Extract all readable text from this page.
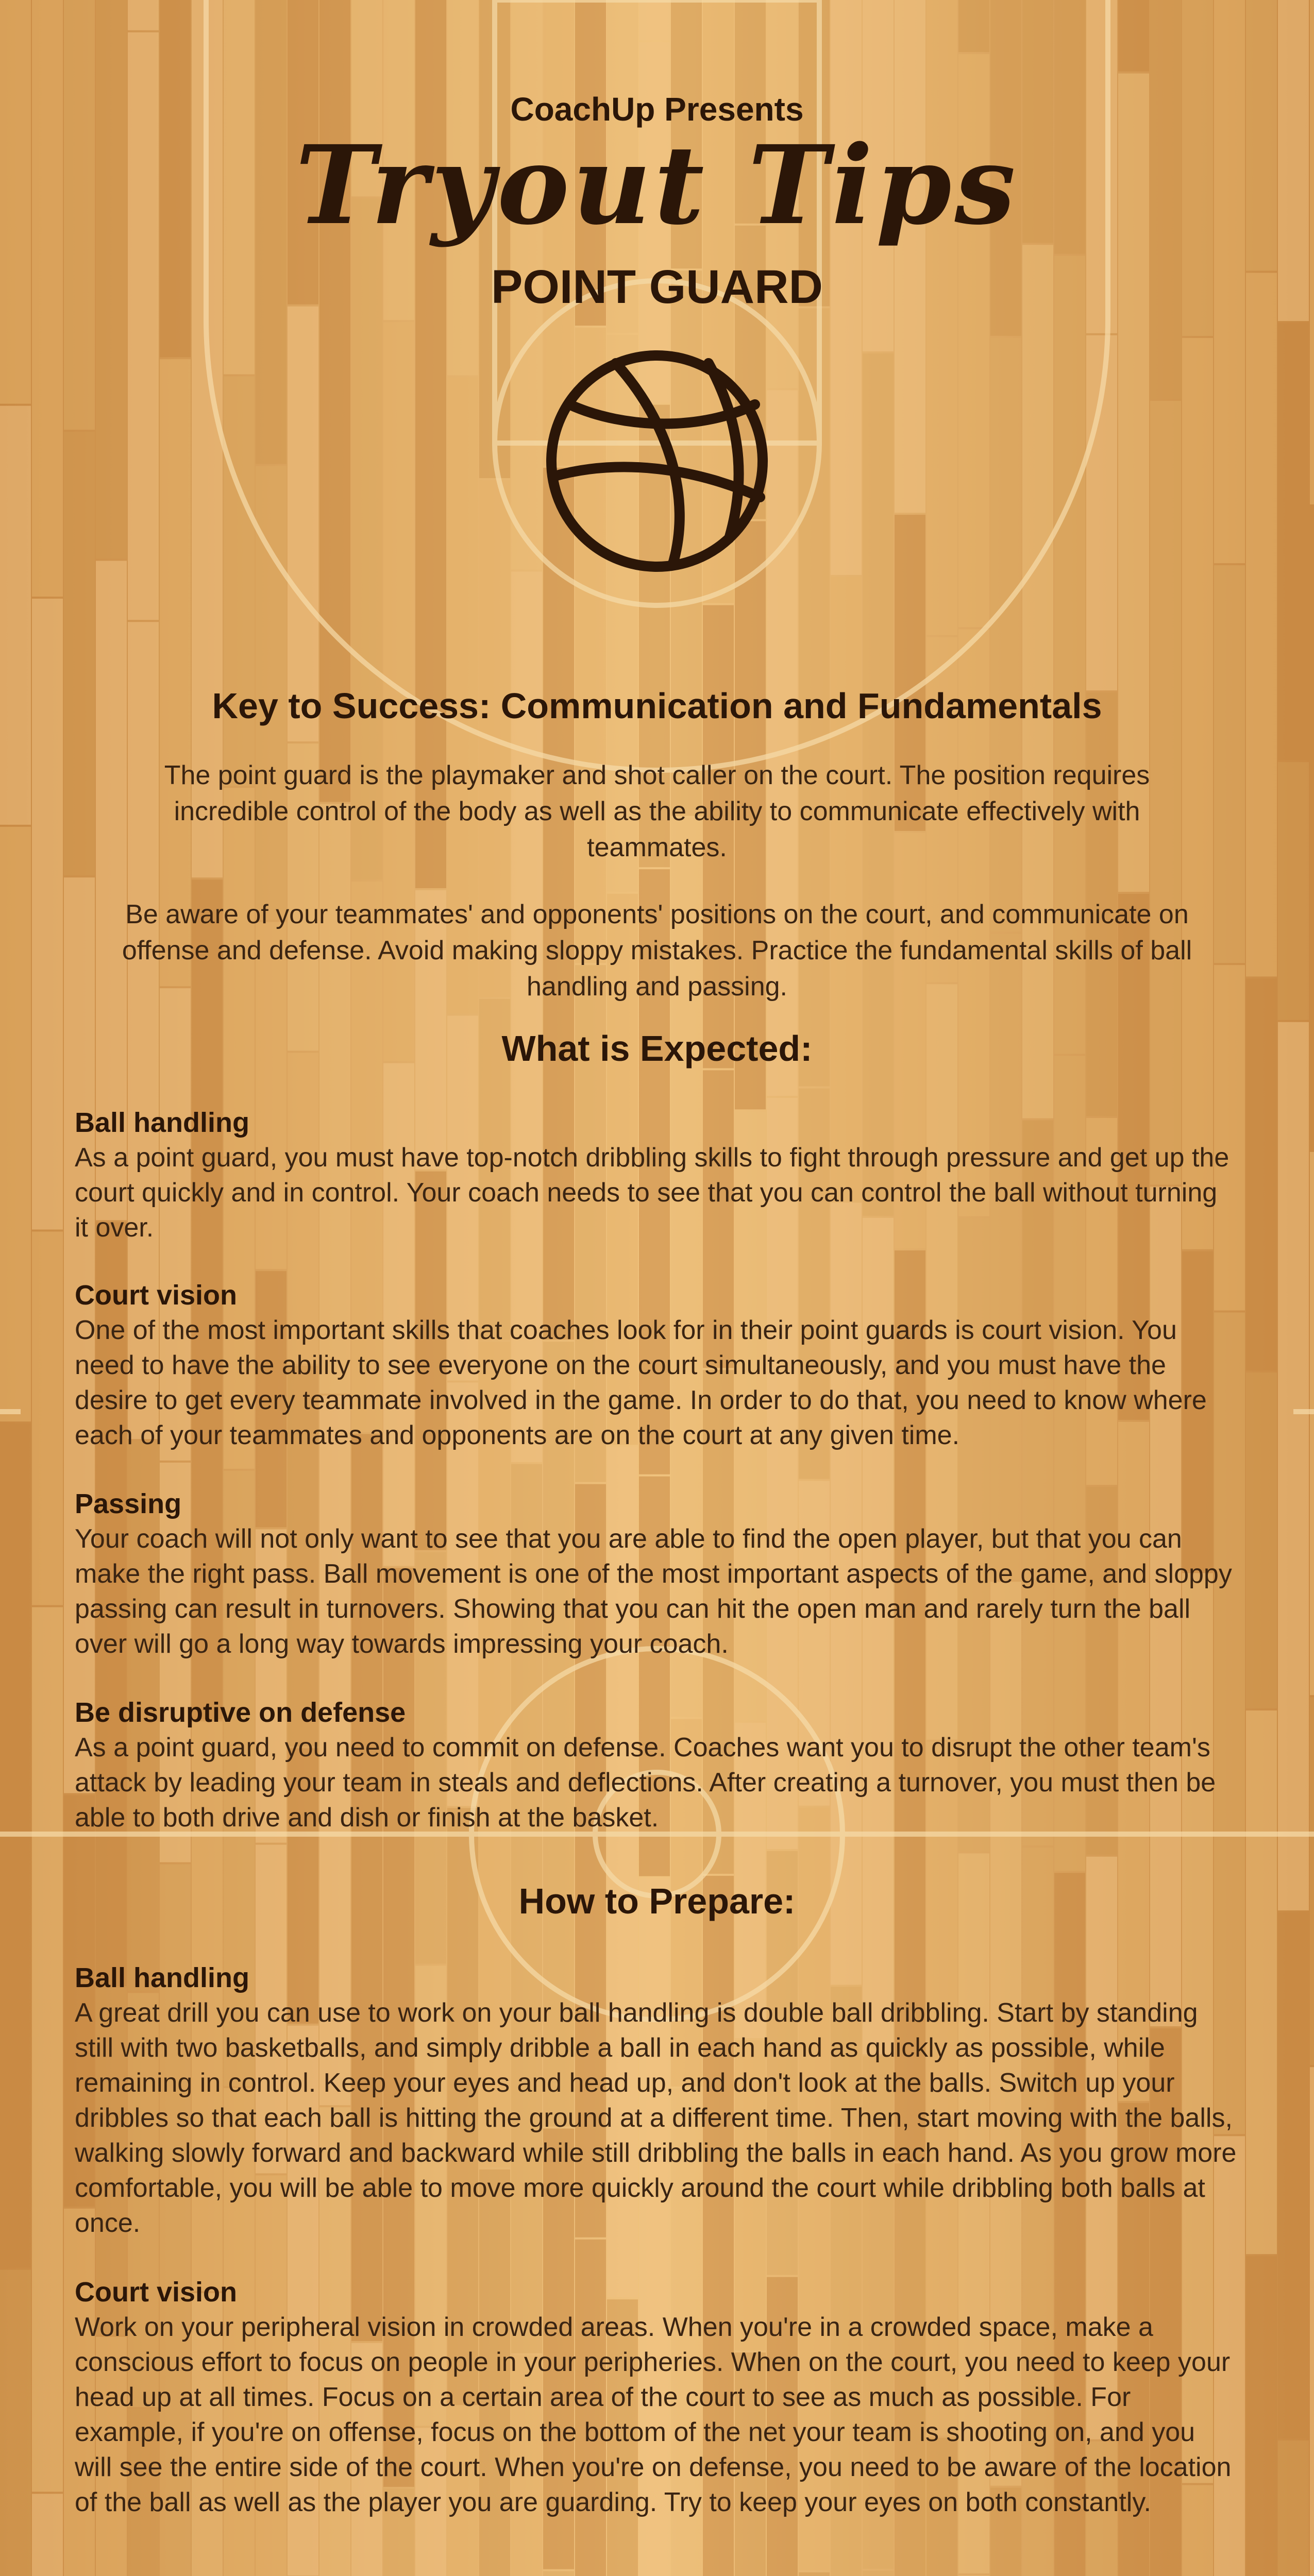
CoachUp Presents
Tryout Tips
POINT GUARD
Key to Success: Communication and Fundamentals
The point guard is the playmaker and shot caller on the court. The position requires
incredible control of the body as well as the ability to communicate effectively with
teammates.
Be aware of your teammates' and opponents' positions on the court, and communicate on
offense and defense. Avoid making sloppy mistakes. Practice the fundamental skills of ball
handling and passing.
What is Expected:
Ball handling

As a point guard, you must have top-notch dribbling skills to fight through pressure and get up the court quickly and in control. Your coach needs to see that you can control the ball without turning it over.

Court vision

One of the most important skills that coaches look for in their point guards is court vision. You need to have the ability to see everyone on the court simultaneously, and you must have the desire to get every teammate involved in the game. In order to do that, you need to know where each of your teammates and opponents are on the court at any given time.

Passing

Your coach will not only want to see that you are able to find the open player, but that you can make the right pass. Ball movement is one of the most important aspects of the game, and sloppy passing can result in turnovers. Showing that you can hit the open man and rarely turn the ball over will go a long way towards impressing your coach.

Be disruptive on defense

As a point guard, you need to commit on defense. Coaches want you to disrupt the other team's attack by leading your team in steals and deflections. After creating a turnover, you must then be able to both drive and dish or finish at the basket.

How to Prepare:
Ball handling

A great drill you can use to work on your ball handling is double ball dribbling. Start by standing still with two basketballs, and simply dribble a ball in each hand as quickly as possible, while remaining in control. Keep your eyes and head up, and don't look at the balls. Switch up your dribbles so that each ball is hitting the ground at a different time. Then, start moving with the balls, walking slowly forward and backward while still dribbling the balls in each hand. As you grow more comfortable, you will be able to move more quickly around the court while dribbling both balls at once.

Court vision

Work on your peripheral vision in crowded areas. When you're in a crowded space, make a conscious effort to focus on people in your peripheries. When on the court, you need to keep your head up at all times. Focus on a certain area of the court to see as much as possible. For example, if you're on offense, focus on the bottom of the net your team is shooting on, and you will see the entire side of the court. When you're on defense, you need to be aware of the location of the ball as well as the player you are guarding. Try to keep your eyes on both constantly.
